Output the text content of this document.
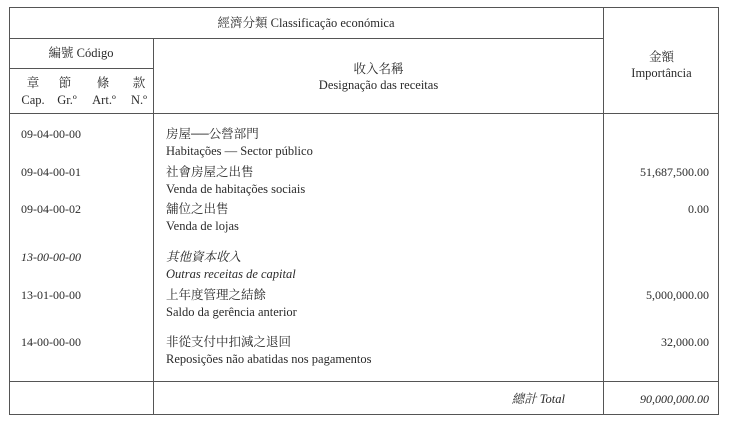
經濟分類 Classificação económica
編號 Código
章	節	條	款
Cap.	Gr.º	Art.º	N.º
收入名稱
Designação das receitas
金額
Importância
09-04-00-00	房屋──公營部門
Habitações — Sector público
09-04-00-01	社會房屋之出售
Venda de habitações sociais
51,687,500.00
09-04-00-02	舖位之出售
Venda de lojas
0.00
13-00-00-00	其他資本收入
Outras receitas de capital
13-01-00-00	上年度管理之結餘
Saldo da gerência anterior
5,000,000.00
14-00-00-00	非從支付中扣減之退回
Reposições não abatidas nos pagamentos
32,000.00
總計 Total	90,000,000.00
